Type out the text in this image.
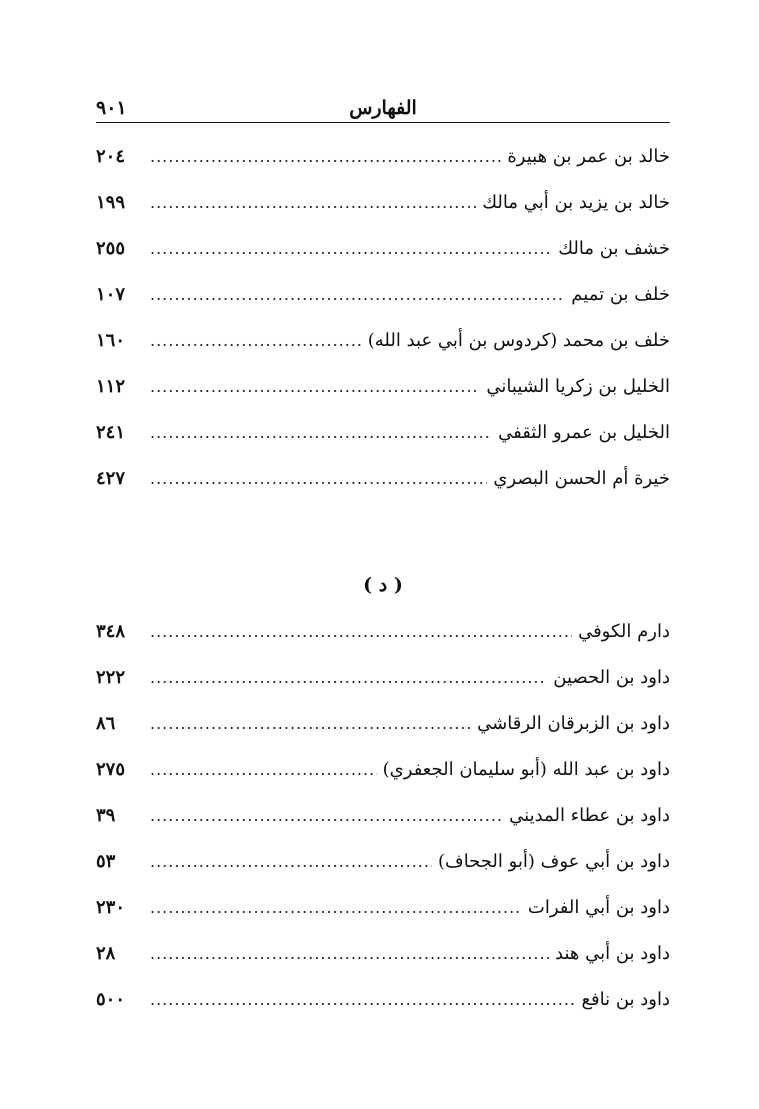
٩٠١	الفهارس
خالد بن عمر بن هبيرة
.....
٢٠٤
خالد بن يزيد بن أبي مالك
.....
١٩٩
خشف بن مالك
.....
٢٥٥
خلف بن تميم
.....
١٠٧
خلف بن محمد (كردوس بن أبي عبد الله)
.....
١٦٠
الخليل بن زكريا الشيباني
.....
١١٢
الخليل بن عمرو الثقفي
.....
٢٤١
خيرة أم الحسن البصري
.....
٤٢٧
( د )
دارم الكوفي
.....
٣٤٨
داود بن الحصين
.....
٢٢٢
داود بن الزبرقان الرقاشي
.....
٨٦
داود بن عبد الله (أبو سليمان الجعفري)
.....
٢٧٥
داود بن عطاء المديني
.....
٣٩
داود بن أبي عوف (أبو الجحاف)
.....
٥٣
داود بن أبي الفرات
.....
٢٣٠
داود بن أبي هند
.....
٢٨
داود بن نافع
.....
٥٠٠
